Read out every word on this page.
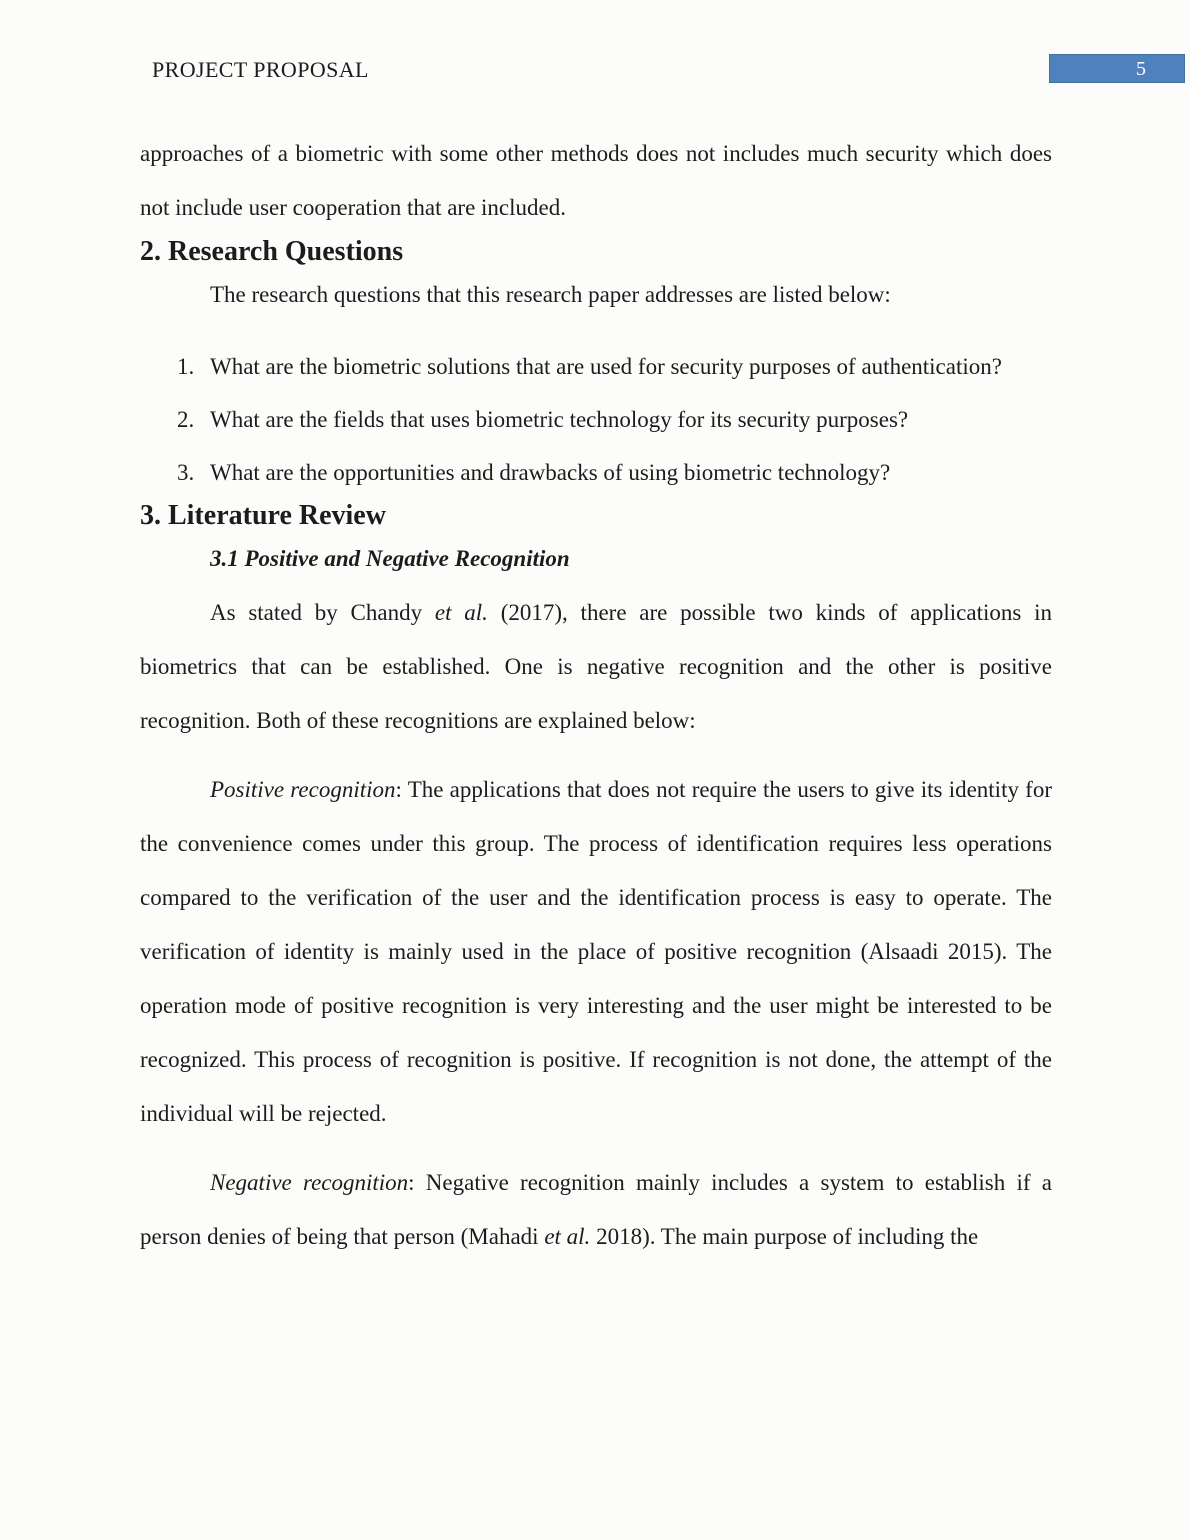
PROJECT PROPOSAL	5

approaches of a biometric with some other methods does not includes much security which does not include user cooperation that are included.

2. Research Questions

The research questions that this research paper addresses are listed below:

1. What are the biometric solutions that are used for security purposes of authentication?
2. What are the fields that uses biometric technology for its security purposes?
3. What are the opportunities and drawbacks of using biometric technology?
3. Literature Review

3.1 Positive and Negative Recognition

As stated by Chandy et al. (2017), there are possible two kinds of applications in biometrics that can be established. One is negative recognition and the other is positive recognition. Both of these recognitions are explained below:

Positive recognition: The applications that does not require the users to give its identity for the convenience comes under this group. The process of identification requires less operations compared to the verification of the user and the identification process is easy to operate. The verification of identity is mainly used in the place of positive recognition (Alsaadi 2015). The operation mode of positive recognition is very interesting and the user might be interested to be recognized. This process of recognition is positive. If recognition is not done, the attempt of the individual will be rejected.

Negative recognition: Negative recognition mainly includes a system to establish if a person denies of being that person (Mahadi et al. 2018). The main purpose of including the
